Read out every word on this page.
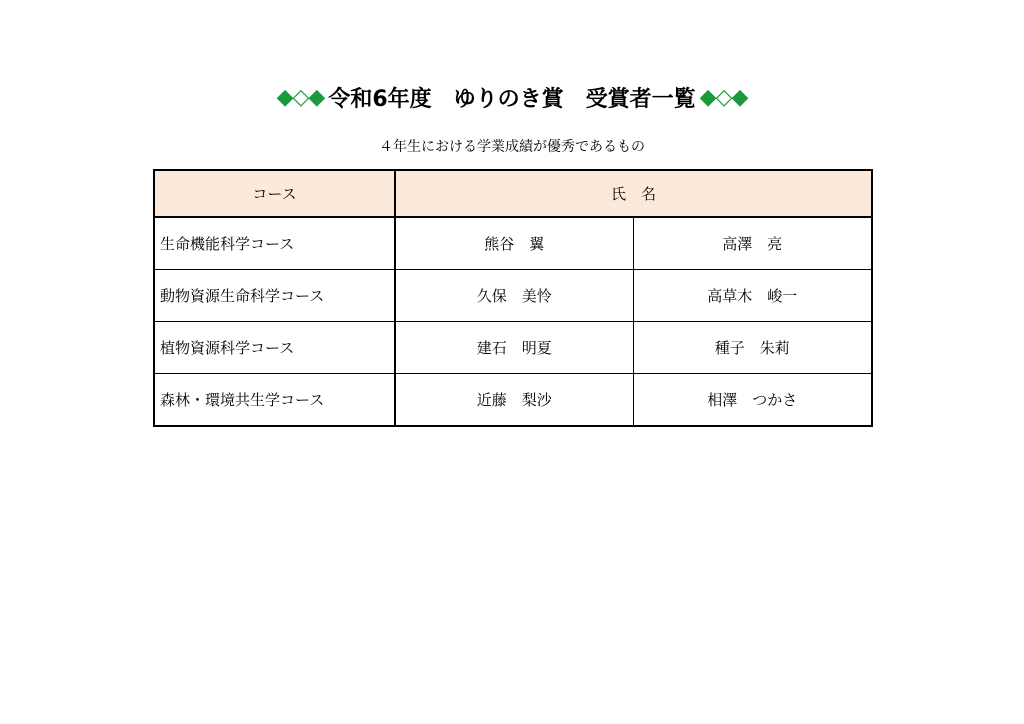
◆◇◆ 令和6年度　ゆりのき賞　受賞者一覧 ◆◇◆
４年生における学業成績が優秀であるもの
コース	氏　名	
生命機能科学コース	熊谷　翼	高澤　亮
動物資源生命科学コース	久保　美怜	高草木　峻一
植物資源科学コース	建石　明夏	種子　朱莉
森林・環境共生学コース	近藤　梨沙	相澤　つかさ
